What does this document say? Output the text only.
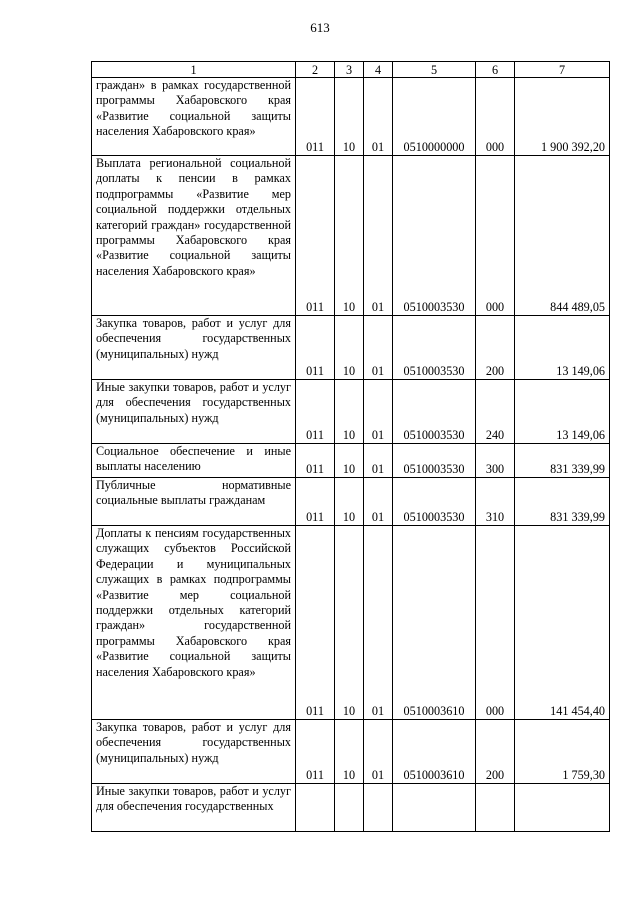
613
1	2	3	4	5	6	7
граждан» в рамках государственной программы Хабаровского края «Развитие социальной защиты населения Хабаровского края»	011	10	01	0510000000	000	1 900 392,20
Выплата региональной социальной доплаты к пенсии в рамках подпрограммы «Развитие мер социальной поддержки отдельных категорий граждан» государственной программы Хабаровского края «Развитие социальной защиты населения Хабаровского края»	011	10	01	0510003530	000	844 489,05
Закупка товаров, работ и услуг для обеспечения государственных (муниципальных) нужд	011	10	01	0510003530	200	13 149,06
Иные закупки товаров, работ и услуг для обеспечения государственных (муниципальных) нужд	011	10	01	0510003530	240	13 149,06
Социальное обеспечение и иные выплаты населению	011	10	01	0510003530	300	831 339,99
Публичные нормативные социальные выплаты гражданам	011	10	01	0510003530	310	831 339,99
Доплаты к пенсиям государственных служащих субъектов Российской Федерации и муниципальных служащих в рамках подпрограммы «Развитие мер социальной поддержки отдельных категорий граждан» государственной программы Хабаровского края «Развитие социальной защиты населения Хабаровского края»	011	10	01	0510003610	000	141 454,40
Закупка товаров, работ и услуг для обеспечения государственных (муниципальных) нужд	011	10	01	0510003610	200	1 759,30
Иные закупки товаров, работ и услуг для обеспечения государственных						
